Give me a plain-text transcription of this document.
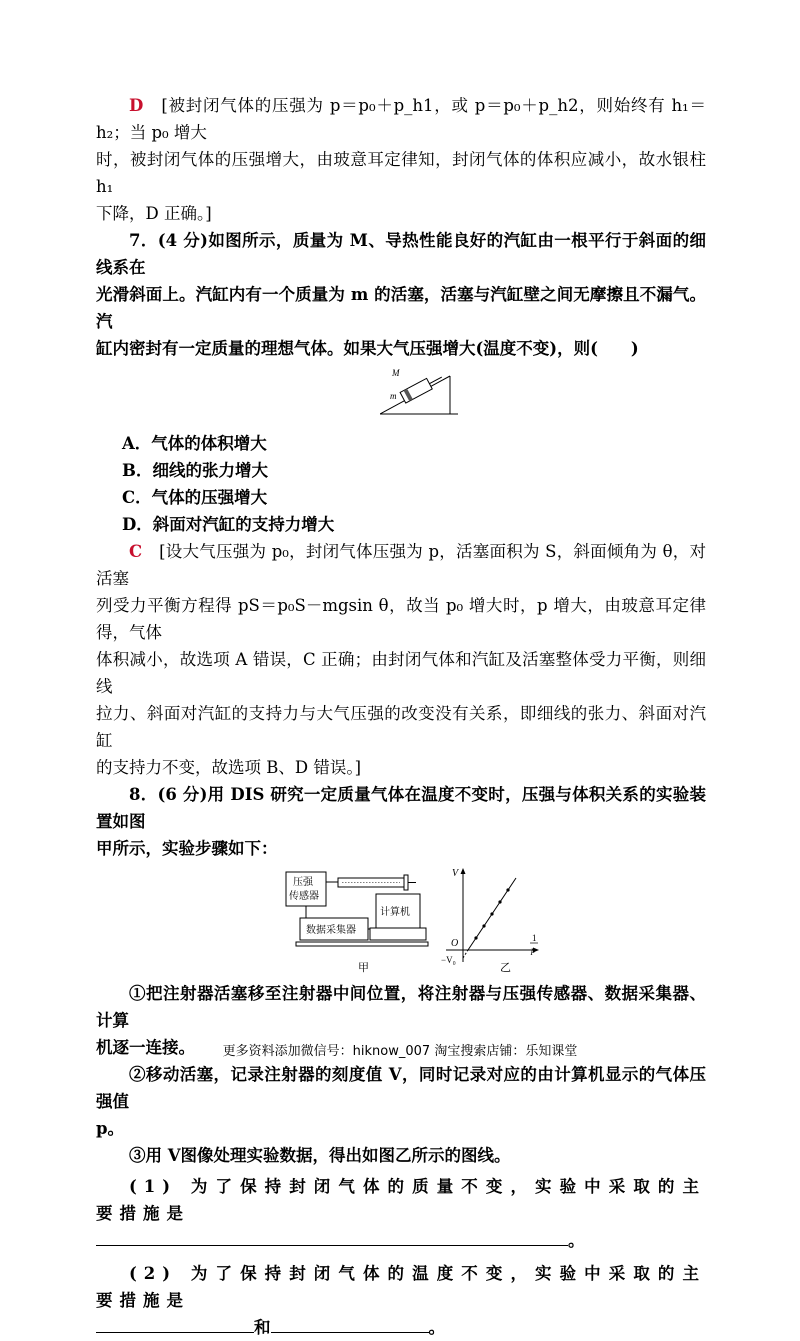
D　 [被封闭气体的压强为 p＝p₀＋p_h1，或 p＝p₀＋p_h2，则始终有 h₁＝h₂；当 p₀ 增大

时，被封闭气体的压强增大，由玻意耳定律知，封闭气体的体积应减小，故水银柱 h₁

下降，D 正确。]

7．(4 分)如图所示，质量为 M、导热性能良好的汽缸由一根平行于斜面的细线系在

光滑斜面上。汽缸内有一个质量为 m 的活塞，活塞与汽缸壁之间无摩擦且不漏气。汽

缸内密封有一定质量的理想气体。如果大气压强增大(温度不变)，则(　　)

M
m

A．气体的体积增大

B．细线的张力增大

C．气体的压强增大

D．斜面对汽缸的支持力增大

C　 [设大气压强为 p₀，封闭气体压强为 p，活塞面积为 S，斜面倾角为 θ，对活塞

列受力平衡方程得 pS＝p₀S－mgsin θ，故当 p₀ 增大时，p 增大，由玻意耳定律得，气体

体积减小，故选项 A 错误，C 正确；由封闭气体和汽缸及活塞整体受力平衡，则细线

拉力、斜面对汽缸的支持力与大气压强的改变没有关系，即细线的张力、斜面对汽缸

的支持力不变，故选项 B、D 错误。]

8．(6 分)用 DIS 研究一定质量气体在温度不变时，压强与体积关系的实验装置如图

甲所示，实验步骤如下：

压强
传感器
数据采集器
计算机
V
O
−V₀
1
p
甲	乙

①把注射器活塞移至注射器中间位置，将注射器与压强传感器、数据采集器、计算

机逐一连接。

②移动活塞，记录注射器的刻度值 V，同时记录对应的由计算机显示的气体压强值

p。

③用 V图像处理实验数据，得出如图乙所示的图线。

(1) 为了保持封闭气体的质量不变，实验中采取的主要措施是

。

(2) 为了保持封闭气体的温度不变，实验中采取的主要措施是

和	。

更多资料添加微信号：hiknow_007 淘宝搜索店铺：乐知课堂
